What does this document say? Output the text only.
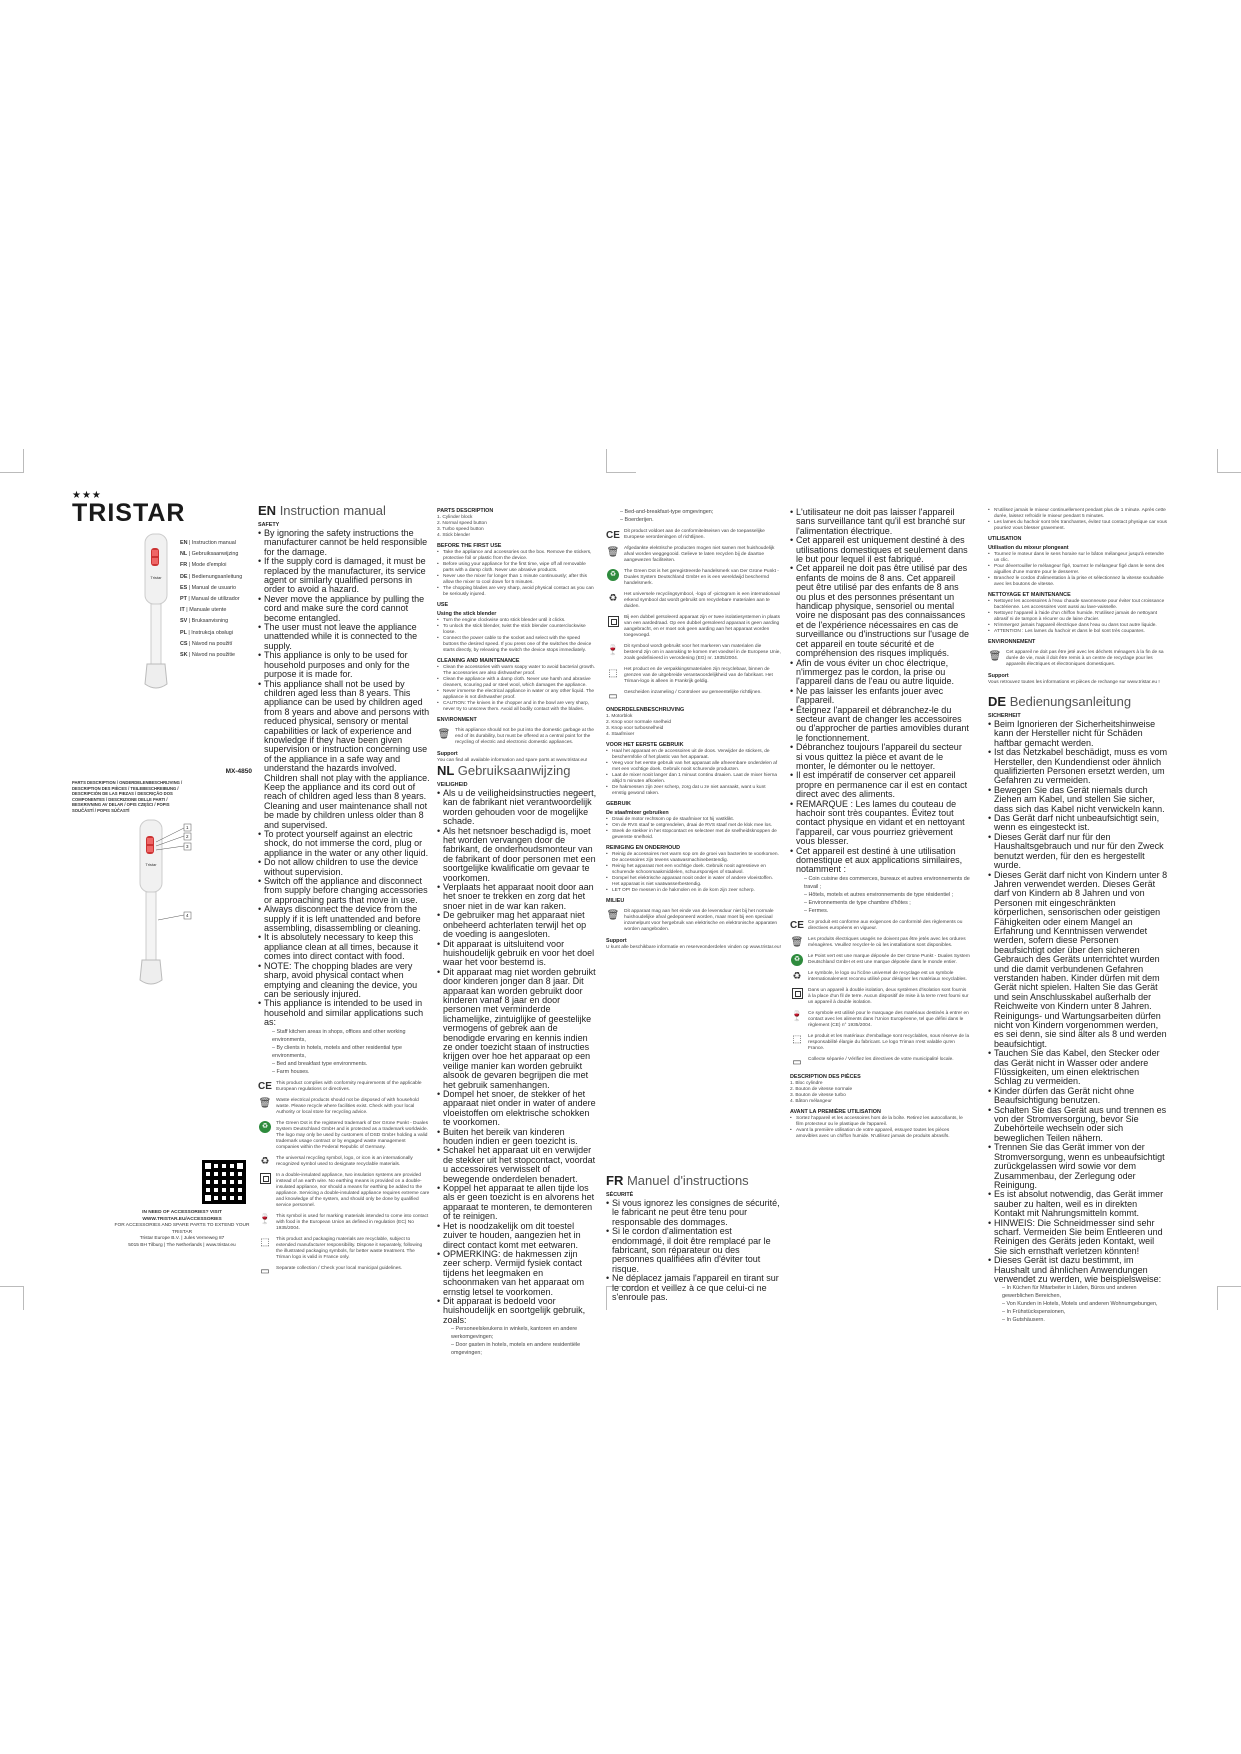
★★★
TRISTAR
Tristar
EN | Instruction manual
NL | Gebruiksaanwijzing
FR | Mode d'emploi
DE | Bedienungsanleitung
ES | Manual de usuario
PT | Manual de utilizador
IT | Manuale utente
SV | Bruksanvisning
PL | Instrukcja obsługi
CS | Návod na použití
SK | Návod na použitie
MX-4850
PARTS DESCRIPTION / ONDERDELENBESCHRIJVING / DESCRIPTION DES PIÈCES / TEILEBESCHREIBUNG / DESCRIPCIÓN DE LAS PIEZAS / DESCRIÇÃO DOS COMPONENTES / DESCRIZIONE DELLE PARTI / BESKRIVNING AV DELAR / OPIS CZĘŚCI / POPIS SOUČÁSTÍ / POPIS SÚČASTÍ
Tristar
1
2
3
4
IN NEED OF ACCESSORIES? VISIT
WWW.TRISTAR.EU/ACCESSORIES
FOR ACCESSORIES AND SPARE PARTS TO EXTEND YOUR TRISTAR
Tristar Europe B.V. | Jules Verneweg 87
5015 BH Tilburg | The Netherlands | www.tristar.eu
EN Instruction manual
SAFETY
• By ignoring the safety instructions the manufacturer cannot be held responsible for the damage.
• If the supply cord is damaged, it must be replaced by the manufacturer, its service agent or similarly qualified persons in order to avoid a hazard.
• Never move the appliance by pulling the cord and make sure the cord cannot become entangled.
• The user must not leave the appliance unattended while it is connected to the supply.
• This appliance is only to be used for household purposes and only for the purpose it is made for.
• This appliance shall not be used by children aged less than 8 years. This appliance can be used by children aged from 8 years and above and persons with reduced physical, sensory or mental capabilities or lack of experience and knowledge if they have been given supervision or instruction concerning use of the appliance in a safe way and understand the hazards involved. Children shall not play with the appliance. Keep the appliance and its cord out of reach of children aged less than 8 years. Cleaning and user maintenance shall not be made by children unless older than 8 and supervised.
• To protect yourself against an electric shock, do not immerse the cord, plug or appliance in the water or any other liquid.
• Do not allow children to use the device without supervision.
• Switch off the appliance and disconnect from supply before changing accessories or approaching parts that move in use.
• Always disconnect the device from the supply if it is left unattended and before assembling, disassembling or cleaning.
• It is absolutely necessary to keep this appliance clean at all times, because it comes into direct contact with food.
• NOTE: The chopping blades are very sharp, avoid physical contact when emptying and cleaning the device, you can be seriously injured.
• This appliance is intended to be used in household and similar applications such as:
– Staff kitchen areas in shops, offices and other working environments,
– By clients in hotels, motels and other residential type environments,
– Bed and breakfast type environments.
– Farm houses.
CE This product complies with conformity requirements of the applicable European regulations or directives.
🗑 Waste electrical products should not be disposed of with household waste. Please recycle where facilities exist. Check with your local Authority or local store for recycling advice.
♻	The Green Dot is the registered trademark of Der Grüne Punkt - Duales System Deutschland GmbH and is protected as a trademark worldwide. The logo may only be used by customers of DSD GmbH holding a valid trademark usage contract or by engaged waste management companies within the Federal Republic of Germany.
♻	The universal recycling symbol, logo, or icon is an internationally recognized symbol used to designate recyclable materials.
In a double-insulated appliance, two insulation systems are provided instead of an earth wire. No earthing means is provided on a double-insulated appliance, nor should a means for earthing be added to the appliance. Servicing a double-insulated appliance requires extreme care and knowledge of the system, and should only be done by qualified service personnel.
🍷 This symbol is used for marking materials intended to come into contact with food in the European Union as defined in regulation (EC) No 1935/2004.
⬚	This product and packaging materials are recyclable, subject to extended manufacturer responsibility. Dispose it separately, following the illustrated packaging symbols, for better waste treatment. The Triman logo is valid in France only.
▭	Separate collection / Check your local municipal guidelines.
PARTS DESCRIPTION
1. Cylinder block
2. Normal speed button
3. Turbo speed button
4. Stick blender
BEFORE THE FIRST USE
• Take the appliance and accessories out the box. Remove the stickers, protective foil or plastic from the device.
• Before using your appliance for the first time, wipe off all removable parts with a damp cloth. Never use abrasive products.
• Never use the mixer for longer than 1 minute continuously; after this allow the mixer to cool down for 5 minutes.
• The chopping blades are very sharp, avoid physical contact as you can be seriously injured.
USE
Using the stick blender
• Turn the engine clockwise onto stick blender until it clicks.
• To unlock the stick blender, twist the stick blender counterclockwise loose.
• Connect the power cable to the socket and select with the speed buttons the desired speed. If you press one of the switches the device starts directly, by releasing the switch the device stops immediately.
CLEANING AND MAINTENANCE
• Clean the accessories with warm soapy water to avoid bacterial growth. The accessories are also dishwasher proof.
• Clean the appliance with a damp cloth. Never use harsh and abrasive cleaners, scouring pad or steel wool, which damages the appliance.
• Never immerse the electrical appliance in water or any other liquid. The appliance is not dishwasher proof.
• CAUTION: The knives in the chopper and in the bowl are very sharp, never try to unscrew them. Avoid all bodily contact with the blades.
ENVIRONMENT
🗑 This appliance should not be put into the domestic garbage at the end of its durability, but must be offered at a central point for the recycling of electric and electronic domestic appliances.
Support
You can find all available information and spare parts at www.tristar.eu!
NL Gebruiksaanwijzing
VEILIGHEID
• Als u de veiligheidsinstructies negeert, kan de fabrikant niet verantwoordelijk worden gehouden voor de mogelijke schade.
• Als het netsnoer beschadigd is, moet het worden vervangen door de fabrikant, de onderhoudsmonteur van de fabrikant of door personen met een soortgelijke kwalificatie om gevaar te voorkomen.
• Verplaats het apparaat nooit door aan het snoer te trekken en zorg dat het snoer niet in de war kan raken.
• De gebruiker mag het apparaat niet onbeheerd achterlaten terwijl het op de voeding is aangesloten.
• Dit apparaat is uitsluitend voor huishoudelijk gebruik en voor het doel waar het voor bestemd is.
• Dit apparaat mag niet worden gebruikt door kinderen jonger dan 8 jaar. Dit apparaat kan worden gebruikt door kinderen vanaf 8 jaar en door personen met verminderde lichamelijke, zintuiglijke of geestelijke vermogens of gebrek aan de benodigde ervaring en kennis indien ze onder toezicht staan of instructies krijgen over hoe het apparaat op een veilige manier kan worden gebruikt alsook de gevaren begrijpen die met het gebruik samenhangen.
• Dompel het snoer, de stekker of het apparaat niet onder in water of andere vloeistoffen om elektrische schokken te voorkomen.
• Buiten het bereik van kinderen houden indien er geen toezicht is.
• Schakel het apparaat uit en verwijder de stekker uit het stopcontact, voordat u accessoires verwisselt of bewegende onderdelen benadert.
• Koppel het apparaat te allen tijde los als er geen toezicht is en alvorens het apparaat te monteren, te demonteren of te reinigen.
• Het is noodzakelijk om dit toestel zuiver te houden, aangezien het in direct contact komt met eetwaren.
• OPMERKING: de hakmessen zijn zeer scherp. Vermijd fysiek contact tijdens het leegmaken en schoonmaken van het apparaat om ernstig letsel te voorkomen.
• Dit apparaat is bedoeld voor huishoudelijk en soortgelijk gebruik, zoals:
– Personeelskeukens in winkels, kantoren en andere werkomgevingen;
– Door gasten in hotels, motels en andere residentiële omgevingen;
– Bed-and-breakfast-type omgevingen;
– Boerderijen.
CE Dit product voldoet aan de conformiteitseisen van de toepasselijke Europese verordeningen of richtlijnen.
🗑 Afgedankte elektrische producten mogen niet samen met huishoudelijk afval worden weggegooid. Gelieve te laten recyclen bij de daartoe aangewezen faciliteiten.
♻	The Green Dot is het geregistreerde handelsmerk van Der Grüne Punkt - Duales System Deutschland GmbH en is een wereldwijd beschermd handelsmerk.
♻	Het universele recyclingsymbool, -logo of -pictogram is een internationaal erkend symbool dat wordt gebruikt om recyclebare materialen aan te duiden.
Bij een dubbel geïsoleerd apparaat zijn er twee isolatiesystemen in plaats van een aardedraad. Op een dubbel geïsoleerd apparaat is geen aarding aangebracht, en er moet ook geen aarding aan het apparaat worden toegevoegd.
🍷 Dit symbool wordt gebruikt voor het markeren van materialen die bestemd zijn om in aanraking te komen met voedsel in de Europese Unie, zoals gedefinieerd in verordening (EG) nr. 1935/2004.
⬚	Het product en de verpakkingsmaterialen zijn recyclebaar, binnen de grenzen van de uitgebreide verantwoordelijkheid van de fabrikant. Het Triman-logo is alleen in Frankrijk geldig.
▭	Gescheiden inzameling / Controleer uw gemeentelijke richtlijnen.
ONDERDELENBESCHRIJVING
1. Motorblok
2. Knop voor normale snelheid
3. Knop voor turbosnelheid
4. Staafmixer
VOOR HET EERSTE GEBRUIK
• Haal het apparaat en de accessoires uit de doos. Verwijder de stickers, de beschermfolie of het plastic van het apparaat.
• Veeg voor het eerste gebruik van het apparaat alle afneembare onderdelen af met een vochtige doek. Gebruik nooit schurende producten.
• Laat de mixer nooit langer dan 1 minuut continu draaien. Laat de mixer hierna altijd 5 minuten afkoelen.
• De hakmessen zijn zeer scherp, zorg dat u ze niet aanraakt, want u kunt ernstig gewond raken.
GEBRUIK
De staafmixer gebruiken
• Draai de motor rechtsom op de staafmixer tot hij vastklikt.
• Om de RVS staaf te ontgrendelen, draai de RVS staaf met de klok mee los.
• Steek de stekker in het stopcontact en selecteer met de snelheidsknoppen de gewenste snelheid.
REINIGING EN ONDERHOUD
• Reinig de accessoires met warm sop om de groei van bacteriën te voorkomen. De accessoires zijn tevens vaatwasmachinebestendig.
• Reinig het apparaat met een vochtige doek. Gebruik nooit agressieve en schurende schoonmaakmiddelen, schuursponsjes of staalwol.
• Dompel het elektrische apparaat nooit onder in water of andere vloeistoffen. Het apparaat is niet vaatwasserbestendig.
• LET OP! De messen in de hakmolen en in de kom zijn zeer scherp.
MILIEU
🗑 Dit apparaat mag aan het einde van de levensduur niet bij het normale huishoudelijke afval gedeponeerd worden, maar moet bij een speciaal inzamelpunt voor hergebruik van elektrische en elektronische apparaten worden aangeboden.
Support
U kunt alle beschikbare informatie en reserveonderdelen vinden op www.tristar.eu!
FR Manuel d'instructions
SÉCURITÉ
• Si vous ignorez les consignes de sécurité, le fabricant ne peut être tenu pour responsable des dommages.
• Si le cordon d'alimentation est endommagé, il doit être remplacé par le fabricant, son réparateur ou des personnes qualifiées afin d'éviter tout risque.
• Ne déplacez jamais l'appareil en tirant sur le cordon et veillez à ce que celui-ci ne s'enroule pas.
• L'utilisateur ne doit pas laisser l'appareil sans surveillance tant qu'il est branché sur l'alimentation électrique.
• Cet appareil est uniquement destiné à des utilisations domestiques et seulement dans le but pour lequel il est fabriqué.
• Cet appareil ne doit pas être utilisé par des enfants de moins de 8 ans. Cet appareil peut être utilisé par des enfants de 8 ans ou plus et des personnes présentant un handicap physique, sensoriel ou mental voire ne disposant pas des connaissances et de l'expérience nécessaires en cas de surveillance ou d'instructions sur l'usage de cet appareil en toute sécurité et de compréhension des risques impliqués.
• Afin de vous éviter un choc électrique, n'immergez pas le cordon, la prise ou l'appareil dans de l'eau ou autre liquide.
• Ne pas laisser les enfants jouer avec l'appareil.
• Éteignez l'appareil et débranchez-le du secteur avant de changer les accessoires ou d'approcher de parties amovibles durant le fonctionnement.
• Débranchez toujours l'appareil du secteur si vous quittez la pièce et avant de le monter, le démonter ou le nettoyer.
• Il est impératif de conserver cet appareil propre en permanence car il est en contact direct avec des aliments.
• REMARQUE : Les lames du couteau de hachoir sont très coupantes. Évitez tout contact physique en vidant et en nettoyant l'appareil, car vous pourriez grièvement vous blesser.
• Cet appareil est destiné à une utilisation domestique et aux applications similaires, notamment :
– Coin cuisine des commerces, bureaux et autres environnements de travail ;
– Hôtels, motels et autres environnements de type résidentiel ;
– Environnements de type chambre d'hôtes ;
– Fermes.
CE Ce produit est conforme aux exigences de conformité des règlements ou directives européens en vigueur.
🗑 Les produits électriques usagés ne doivent pas être jetés avec les ordures ménagères. Veuillez recycler-le où les installations sont disponibles.
♻	Le Point vert est une marque déposée de Der Grüne Punkt - Duales System Deutschland GmbH et est une marque déposée dans le monde entier.
♻	Le symbole, le logo ou l'icône universel de recyclage est un symbole internationalement reconnu utilisé pour désigner les matériaux recyclables.
Dans un appareil à double isolation, deux systèmes d'isolation sont fournis à la place d'un fil de terre. Aucun dispositif de mise à la terre n'est fourni sur un appareil à double isolation.
🍷 Ce symbole est utilisé pour le marquage des matériaux destinés à entrer en contact avec les aliments dans l'Union Européenne, tel que défini dans le règlement (CE) n° 1935/2004.
⬚	Le produit et les matériaux d'emballage sont recyclables, sous réserve de la responsabilité élargie du fabricant. Le logo Triman n'est valable qu'en France.
▭	Collecte séparée / Vérifiez les directives de votre municipalité locale.
DESCRIPTION DES PIÈCES
1. Bloc cylindre
2. Bouton de vitesse normale
3. Bouton de vitesse turbo
4. Bâton mélangeur
AVANT LA PREMIÈRE UTILISATION
• Sortez l'appareil et les accessoires hors de la boîte. Retirez les autocollants, le film protecteur ou le plastique de l'appareil.
• Avant la première utilisation de votre appareil, essuyez toutes les pièces amovibles avec un chiffon humide. N'utilisez jamais de produits abrasifs.
• N'utilisez jamais le mixeur continuellement pendant plus de 1 minute. Après cette durée, laissez refroidir le mixeur pendant 5 minutes.
• Les lames du hachoir sont très tranchantes, évitez tout contact physique car vous pourriez vous blesser gravement.
UTILISATION
Utilisation du mixeur plongeant
• Tournez le moteur dans le sens horaire sur le bâton mélangeur jusqu'à entendre un clic.
• Pour déverrouiller le mélangeur figé, tournez le mélangeur figé dans le sens des aiguilles d'une montre pour le desserrer.
• Branchez le cordon d'alimentation à la prise et sélectionnez la vitesse souhaitée avec les boutons de vitesse.
NETTOYAGE ET MAINTENANCE
• Nettoyez les accessoires à l'eau chaude savonneuse pour éviter tout croissance bactérienne. Les accessoires vont aussi au lave-vaisselle.
• Nettoyez l'appareil à l'aide d'un chiffon humide. N'utilisez jamais de nettoyant abrasif ni de tampon à récurer ou de laine d'acier.
• N'immergez jamais l'appareil électrique dans l'eau ou dans tout autre liquide.
• ATTENTION : Les lames du hachoir et dans le bol sont très coupantes.
ENVIRONNEMENT
🗑 Cet appareil ne doit pas être jeté avec les déchets ménagers à la fin de sa durée de vie, mais il doit être remis à un centre de recyclage pour les appareils électriques et électroniques domestiques.
Support
Vous retrouvez toutes les informations et pièces de rechange sur www.tristar.eu !
DE Bedienungsanleitung
SICHERHEIT
• Beim Ignorieren der Sicherheitshinweise kann der Hersteller nicht für Schäden haftbar gemacht werden.
• Ist das Netzkabel beschädigt, muss es vom Hersteller, den Kundendienst oder ähnlich qualifizierten Personen ersetzt werden, um Gefahren zu vermeiden.
• Bewegen Sie das Gerät niemals durch Ziehen am Kabel, und stellen Sie sicher, dass sich das Kabel nicht verwickeln kann.
• Das Gerät darf nicht unbeaufsichtigt sein, wenn es eingesteckt ist.
• Dieses Gerät darf nur für den Haushaltsgebrauch und nur für den Zweck benutzt werden, für den es hergestellt wurde.
• Dieses Gerät darf nicht von Kindern unter 8 Jahren verwendet werden. Dieses Gerät darf von Kindern ab 8 Jahren und von Personen mit eingeschränkten körperlichen, sensorischen oder geistigen Fähigkeiten oder einem Mangel an Erfahrung und Kenntnissen verwendet werden, sofern diese Personen beaufsichtigt oder über den sicheren Gebrauch des Geräts unterrichtet wurden und die damit verbundenen Gefahren verstanden haben. Kinder dürfen mit dem Gerät nicht spielen. Halten Sie das Gerät und sein Anschlusskabel außerhalb der Reichweite von Kindern unter 8 Jahren. Reinigungs- und Wartungsarbeiten dürfen nicht von Kindern vorgenommen werden, es sei denn, sie sind älter als 8 und werden beaufsichtigt.
• Tauchen Sie das Kabel, den Stecker oder das Gerät nicht in Wasser oder andere Flüssigkeiten, um einen elektrischen Schlag zu vermeiden.
• Kinder dürfen das Gerät nicht ohne Beaufsichtigung benutzen.
• Schalten Sie das Gerät aus und trennen es von der Stromversorgung, bevor Sie Zubehörteile wechseln oder sich beweglichen Teilen nähern.
• Trennen Sie das Gerät immer von der Stromversorgung, wenn es unbeaufsichtigt zurückgelassen wird sowie vor dem Zusammenbau, der Zerlegung oder Reinigung.
• Es ist absolut notwendig, das Gerät immer sauber zu halten, weil es in direkten Kontakt mit Nahrungsmitteln kommt.
• HINWEIS: Die Schneidmesser sind sehr scharf. Vermeiden Sie beim Entleeren und Reinigen des Geräts jeden Kontakt, weil Sie sich ernsthaft verletzen könnten!
• Dieses Gerät ist dazu bestimmt, im Haushalt und ähnlichen Anwendungen verwendet zu werden, wie beispielsweise:
– In Küchen für Mitarbeiter in Läden, Büros und anderen gewerblichen Bereichen,
– Von Kunden in Hotels, Motels und anderen Wohnumgebungen,
– In Frühstückspensionen,
– In Gutshäusern.
